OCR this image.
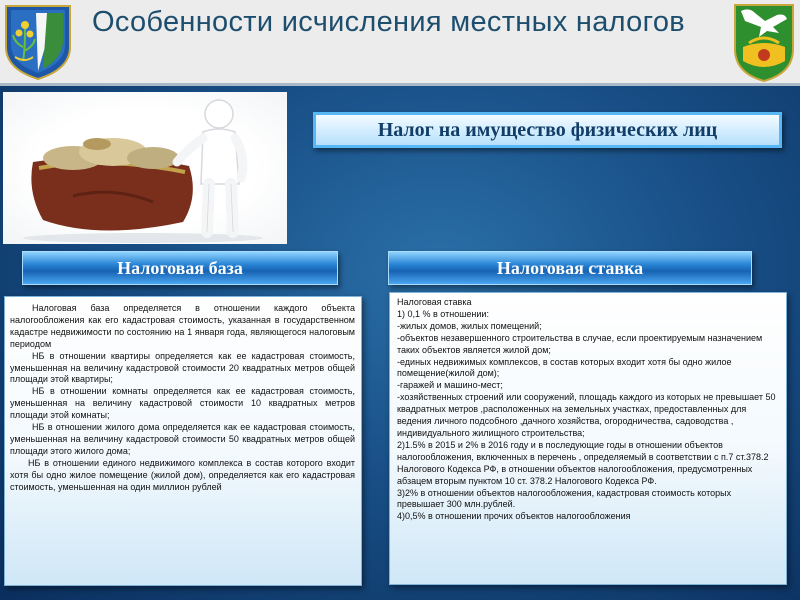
Особенности исчисления местных налогов
Налог на имущество физических лиц
Налоговая база	Налоговая ставка

Налоговая база определяется в отношении каждого объекта налогообложения как его кадастровая стоимость, указанная в государственном кадастре недвижимости по состоянию на 1 января года, являющегося налоговым периодом

НБ в отношении квартиры определяется как ее кадастровая стоимость, уменьшенная на величину кадастровой стоимости 20 квадратных метров общей площади этой квартиры;

НБ в отношении комнаты определяется как ее кадастровая стоимость, уменьшенная на величину кадастровой стоимости 10 квадратных метров площади этой комнаты;

НБ в отношении жилого дома определяется как ее кадастровая стоимость, уменьшенная на величину кадастровой стоимости 50 квадратных метров общей площади этого жилого дома;

НБ в отношении единого недвижимого комплекса в состав которого входит хотя бы одно жилое помещение (жилой дом), определяется как его кадастровая стоимость, уменьшенная на один миллион рублей

Налоговая ставка

1) 0,1 % в отношении:

-жилых домов, жилых помещений;

-объектов незавершенного строительства в случае, если проектируемым назначением таких объектов является жилой дом;

-единых недвижимых комплексов, в состав которых входит хотя бы одно жилое помещение(жилой дом);

-гаражей и машино-мест;

-хозяйственных строений или сооружений, площадь каждого из которых не превышает 50 квадратных метров ,расположенных на земельных участках, предоставленных для ведения личного подсобного ,дачного хозяйства, огородничества, садоводства , индивидуального жилищного строительства;

2)1.5% в 2015 и 2% в 2016 году и в последующие годы в отношении объектов налогообложения, включенных в перечень , определяемый в соответствии с п.7 ст.378.2 Налогового Кодекса РФ, в отношении объектов налогообложения, предусмотренных абзацем вторым пунктом 10 ст. 378.2 Налогового Кодекса РФ.

3)2% в отношении объектов налогообложения, кадастровая стоимость которых превышает 300 млн.рублей.

4)0,5% в отношении прочих объектов налогообложения
